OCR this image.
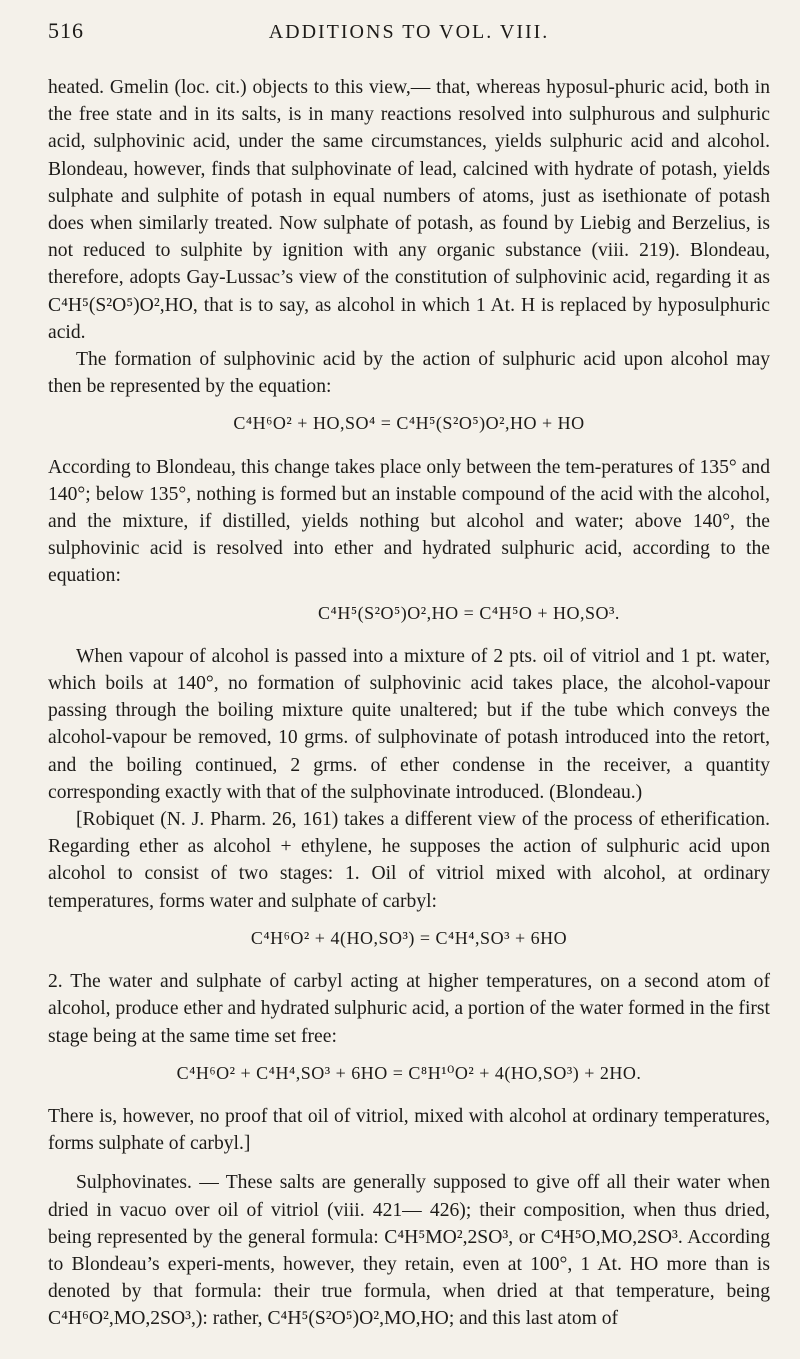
516	ADDITIONS TO VOL. VIII.

heated. Gmelin (loc. cit.) objects to this view,— that, whereas hyposul-phuric acid, both in the free state and in its salts, is in many reactions resolved into sulphurous and sulphuric acid, sulphovinic acid, under the same circumstances, yields sulphuric acid and alcohol. Blondeau, however, finds that sulphovinate of lead, calcined with hydrate of potash, yields sulphate and sulphite of potash in equal numbers of atoms, just as isethionate of potash does when similarly treated. Now sulphate of potash, as found by Liebig and Berzelius, is not reduced to sulphite by ignition with any organic substance (viii. 219). Blondeau, therefore, adopts Gay-Lussac’s view of the constitution of sulphovinic acid, regarding it as C⁴H⁵(S²O⁵)O²,HO, that is to say, as alcohol in which 1 At. H is replaced by hyposulphuric acid.

The formation of sulphovinic acid by the action of sulphuric acid upon alcohol may then be represented by the equation:

C⁴H⁶O² + HO,SO⁴ = C⁴H⁵(S²O⁵)O²,HO + HO

According to Blondeau, this change takes place only between the tem-peratures of 135° and 140°; below 135°, nothing is formed but an instable compound of the acid with the alcohol, and the mixture, if distilled, yields nothing but alcohol and water; above 140°, the sulphovinic acid is resolved into ether and hydrated sulphuric acid, according to the equation:

C⁴H⁵(S²O⁵)O²,HO = C⁴H⁵O + HO,SO³.

When vapour of alcohol is passed into a mixture of 2 pts. oil of vitriol and 1 pt. water, which boils at 140°, no formation of sulphovinic acid takes place, the alcohol-vapour passing through the boiling mixture quite unaltered; but if the tube which conveys the alcohol-vapour be removed, 10 grms. of sulphovinate of potash introduced into the retort, and the boiling continued, 2 grms. of ether condense in the receiver, a quantity corresponding exactly with that of the sulphovinate introduced. (Blondeau.)

[Robiquet (N. J. Pharm. 26, 161) takes a different view of the process of etherification. Regarding ether as alcohol + ethylene, he supposes the action of sulphuric acid upon alcohol to consist of two stages: 1. Oil of vitriol mixed with alcohol, at ordinary temperatures, forms water and sulphate of carbyl:

C⁴H⁶O² + 4(HO,SO³) = C⁴H⁴,SO³ + 6HO

2. The water and sulphate of carbyl acting at higher temperatures, on a second atom of alcohol, produce ether and hydrated sulphuric acid, a portion of the water formed in the first stage being at the same time set free:

C⁴H⁶O² + C⁴H⁴,SO³ + 6HO = C⁸H¹⁰O² + 4(HO,SO³) + 2HO.

There is, however, no proof that oil of vitriol, mixed with alcohol at ordinary temperatures, forms sulphate of carbyl.]

Sulphovinates. — These salts are generally supposed to give off all their water when dried in vacuo over oil of vitriol (viii. 421— 426); their composition, when thus dried, being represented by the general formula: C⁴H⁵MO²,2SO³, or C⁴H⁵O,MO,2SO³. According to Blondeau’s experi-ments, however, they retain, even at 100°, 1 At. HO more than is denoted by that formula: their true formula, when dried at that temperature, being C⁴H⁶O²,MO,2SO³,): rather, C⁴H⁵(S²O⁵)O²,MO,HO; and this last atom of
